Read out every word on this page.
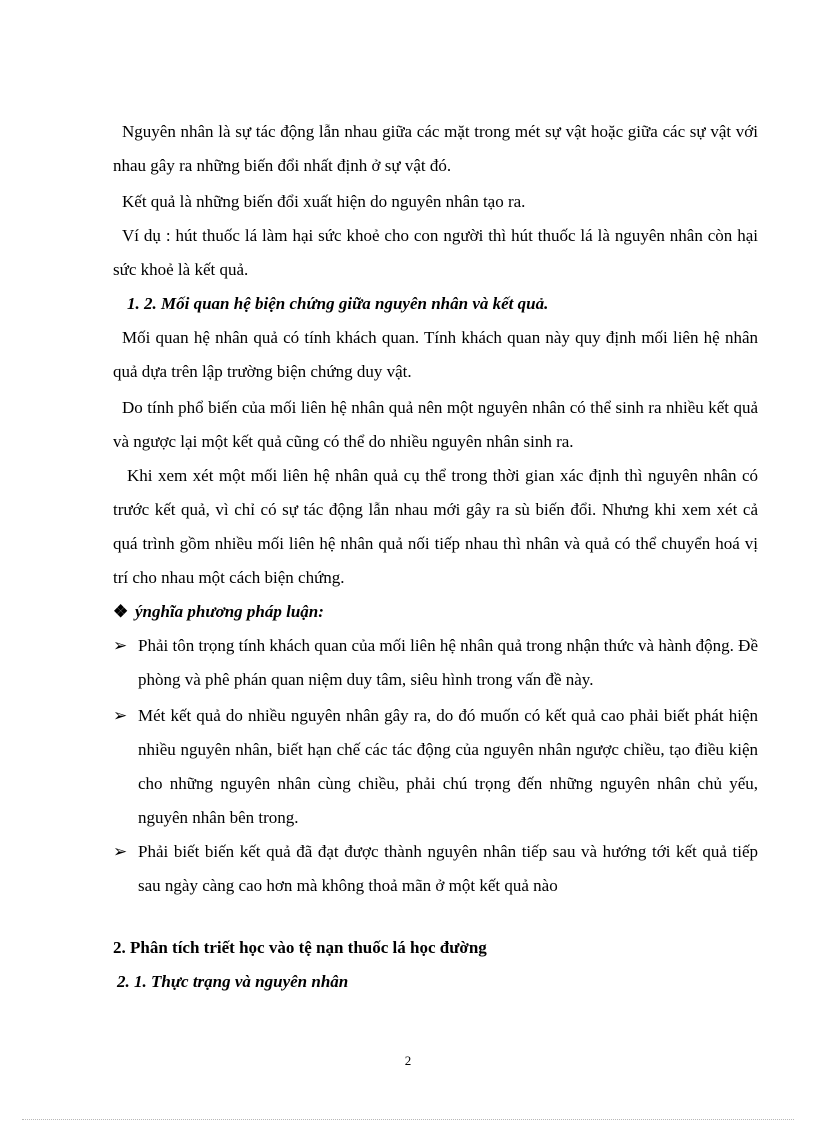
Nguyên nhân là sự tác động lẫn nhau giữa các mặt trong mét sự vật hoặc giữa các sự vật với nhau gây ra những biến đổi nhất định ở sự vật đó.

Kết quả là những biến đổi xuất hiện do nguyên nhân tạo ra.

Ví dụ : hút thuốc lá làm hại sức khoẻ cho con người thì hút thuốc lá là nguyên nhân còn hại sức khoẻ là kết quả.

1. 2. Mối quan hệ biện chứng giữa nguyên nhân và kết quả.

Mối quan hệ nhân quả có tính khách quan. Tính khách quan này quy định mối liên hệ nhân quả dựa trên lập trường biện chứng duy vật.

Do tính phổ biến của mối liên hệ nhân quả nên một nguyên nhân có thể sinh ra nhiều kết quả và ngược lại một kết quả cũng có thể do nhiều nguyên nhân sinh ra.

Khi xem xét một mối liên hệ nhân quả cụ thể trong thời gian xác định thì nguyên nhân có trước kết quả, vì chỉ có sự tác động lẫn nhau mới gây ra sù biến đổi. Nhưng khi xem xét cả quá trình gồm nhiều mối liên hệ nhân quả nối tiếp nhau thì nhân và quả có thể chuyển hoá vị trí cho nhau một cách biện chứng.

❖ ýnghĩa phương pháp luận:
➢ Phải tôn trọng tính khách quan của mối liên hệ nhân quả trong nhận thức và hành động. Đề phòng và phê phán quan niệm duy tâm, siêu hình trong vấn đề này.
➢ Mét kết quả do nhiều nguyên nhân gây ra, do đó muốn có kết quả cao phải biết phát hiện nhiều nguyên nhân, biết hạn chế các tác động của nguyên nhân ngược chiều, tạo điều kiện cho những nguyên nhân cùng chiều, phải chú trọng đến những nguyên nhân chủ yếu, nguyên nhân bên trong.
➢ Phải biết biến kết quả đã đạt được thành nguyên nhân tiếp sau và hướng tới kết quả tiếp sau ngày càng cao hơn mà không thoả mãn ở một kết quả nào

2. Phân tích triết học vào tệ nạn thuốc lá học đường

2. 1. Thực trạng và nguyên nhân

2
